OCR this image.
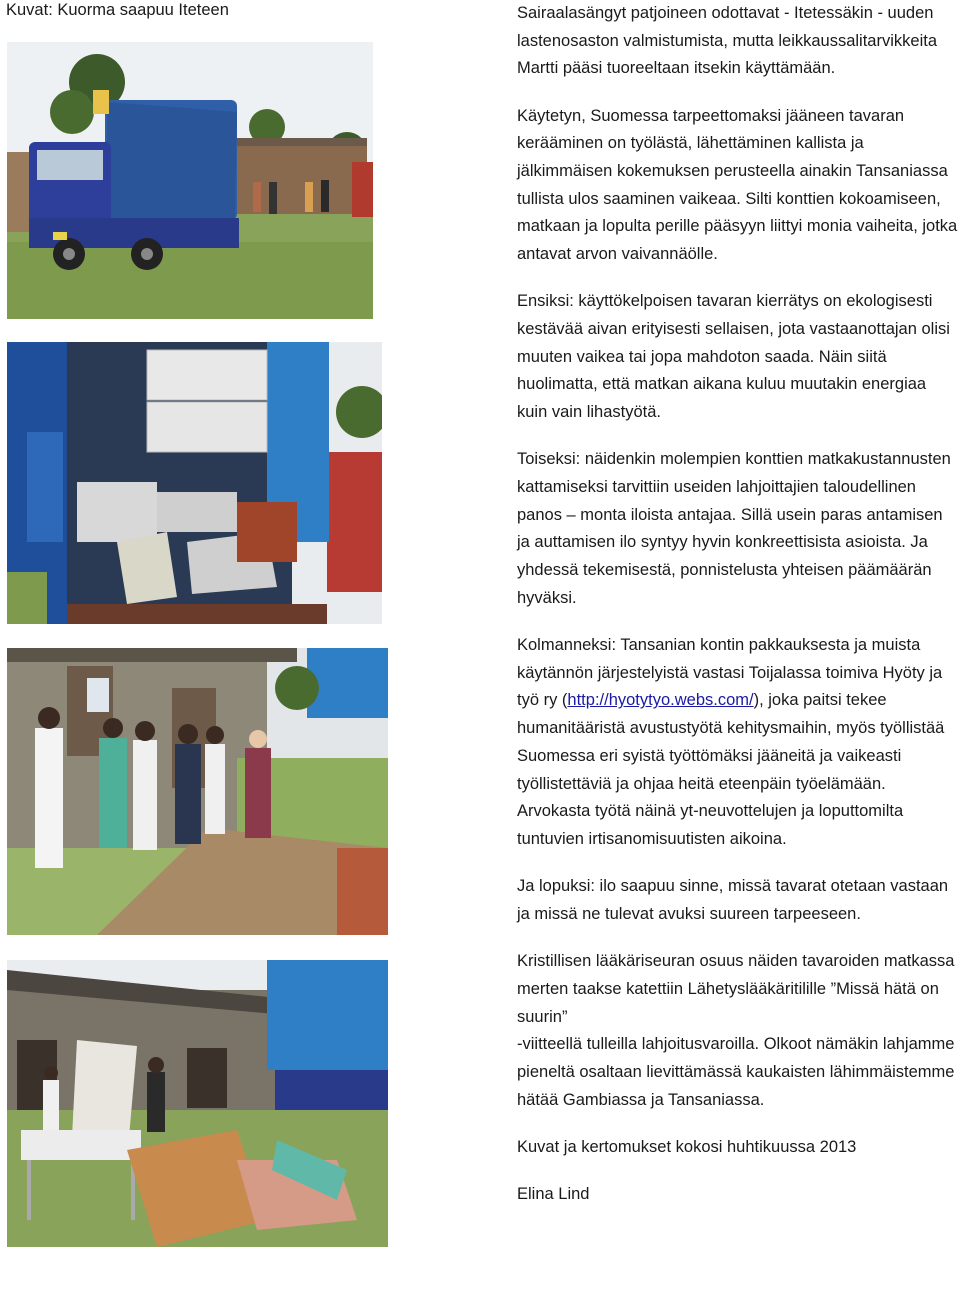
Kuvat: Kuorma saapuu Iteteen	Sairaalasängyt patjoineen odottavat - Itetessäkin - uuden lastenosaston valmistumista, mutta leikkaussalitarvikkeita Martti pääsi tuoreeltaan itsekin käyttämään.

Käytetyn, Suomessa tarpeettomaksi jääneen tavaran kerääminen on työlästä, lähettäminen kallista ja jälkimmäisen kokemuksen perusteella ainakin Tansaniassa tullista ulos saaminen vaikeaa. Silti konttien kokoamiseen, matkaan ja lopulta perille pääsyyn liittyi monia vaiheita, jotka antavat arvon vaivannäölle.

Ensiksi: käyttökelpoisen tavaran kierrätys on ekologisesti kestävää aivan erityisesti sellaisen, jota vastaanottajan olisi muuten vaikea tai jopa mahdoton saada. Näin siitä huolimatta, että matkan aikana kuluu muutakin energiaa kuin vain lihastyötä.

Toiseksi: näidenkin molempien konttien matkakustannusten kattamiseksi tarvittiin useiden lahjoittajien taloudellinen panos – monta iloista antajaa. Sillä usein paras antamisen ja auttamisen ilo syntyy hyvin konkreettisista asioista. Ja yhdessä tekemisestä, ponnistelusta yhteisen päämäärän hyväksi.

Kolmanneksi: Tansanian kontin pakkauksesta ja muista käytännön järjestelyistä vastasi Toijalassa toimiva Hyöty ja työ ry (http://hyotytyo.webs.com/), joka paitsi tekee humanitääristä avustustyötä kehitysmaihin, myös työllistää Suomessa eri syistä työttömäksi jääneitä ja vaikeasti työllistettäviä ja ohjaa heitä eteenpäin työelämään. Arvokasta työtä näinä yt-neuvottelujen ja loputtomilta tuntuvien irtisanomisuutisten aikoina.

Ja lopuksi: ilo saapuu sinne, missä tavarat otetaan vastaan ja missä ne tulevat avuksi suureen tarpeeseen.

Kristillisen lääkäriseuran osuus näiden tavaroiden matkassa merten taakse katettiin Lähetyslääkäritilille ”Missä hätä on suurin”

-viitteellä tulleilla lahjoitusvaroilla. Olkoot nämäkin lahjamme pieneltä osaltaan lievittämässä kaukaisten lähimmäistemme hätää Gambiassa ja Tansaniassa.

Kuvat ja kertomukset kokosi huhtikuussa 2013

Elina Lind
